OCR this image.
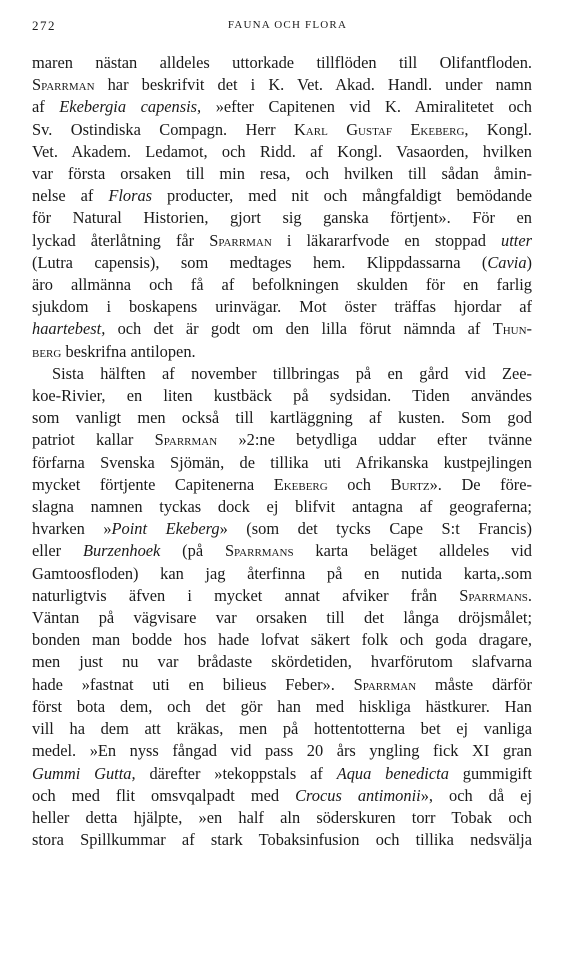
272	FAUNA OCH FLORA
maren nästan alldeles uttorkade tillflöden till Olifantfloden.
Sparrman har beskrifvit det i K. Vet. Akad. Handl. under namn
af Ekebergia capensis, »efter Capitenen vid K. Amiralitetet och
Sv. Ostindiska Compagn. Herr Karl Gustaf Ekeberg, Kongl.
Vet. Akadem. Ledamot, och Ridd. af Kongl. Vasaorden, hvilken
var första orsaken till min resa, och hvilken till sådan åmin-
nelse af Floras producter, med nit och mångfaldigt bemödande
för Natural Historien, gjort sig ganska förtjent». För en
lyckad återlåtning får Sparrman i läkararfvode en stoppad utter
(Lutra capensis), som medtages hem. Klippdassarna (Cavia)
äro allmänna och få af befolkningen skulden för en farlig
sjukdom i boskapens urinvägar. Mot öster träffas hjordar af
haartebest, och det är godt om den lilla förut nämnda af Thun-
berg beskrifna antilopen.
Sista hälften af november tillbringas på en gård vid Zee-
koe-Rivier, en liten kustbäck på sydsidan. Tiden användes
som vanligt men också till kartläggning af kusten. Som god
patriot kallar Sparrman »2:ne betydliga uddar efter tvänne
förfarna Svenska Sjömän, de tillika uti Afrikanska kustpejlingen
mycket förtjente Capitenerna Ekeberg och Burtz». De före-
slagna namnen tyckas dock ej blifvit antagna af geograferna;
hvarken »Point Ekeberg» (som det tycks Cape S:t Francis)
eller Burzenhoek (på Sparrmans karta beläget alldeles vid
Gamtoosfloden) kan jag återfinna på en nutida karta,.som
naturligtvis äfven i mycket annat afviker från Sparrmans.
Väntan på vägvisare var orsaken till det långa dröjsmålet;
bonden man bodde hos hade lofvat säkert folk och goda dragare,
men just nu var brådaste skördetiden, hvarförutom slafvarna
hade »fastnat uti en bilieus Feber». Sparrman måste därför
först bota dem, och det gör han med hiskliga hästkurer. Han
vill ha dem att kräkas, men på hottentotterna bet ej vanliga
medel. »En nyss fångad vid pass 20 års yngling fick XI gran
Gummi Gutta, därefter »tekoppstals af Aqua benedicta gummigift
och med flit omsvqalpadt med Crocus antimonii», och då ej
heller detta hjälpte, »en half aln söderskuren torr Tobak och
stora Spillkummar af stark Tobaksinfusion och tillika nedsvälja
